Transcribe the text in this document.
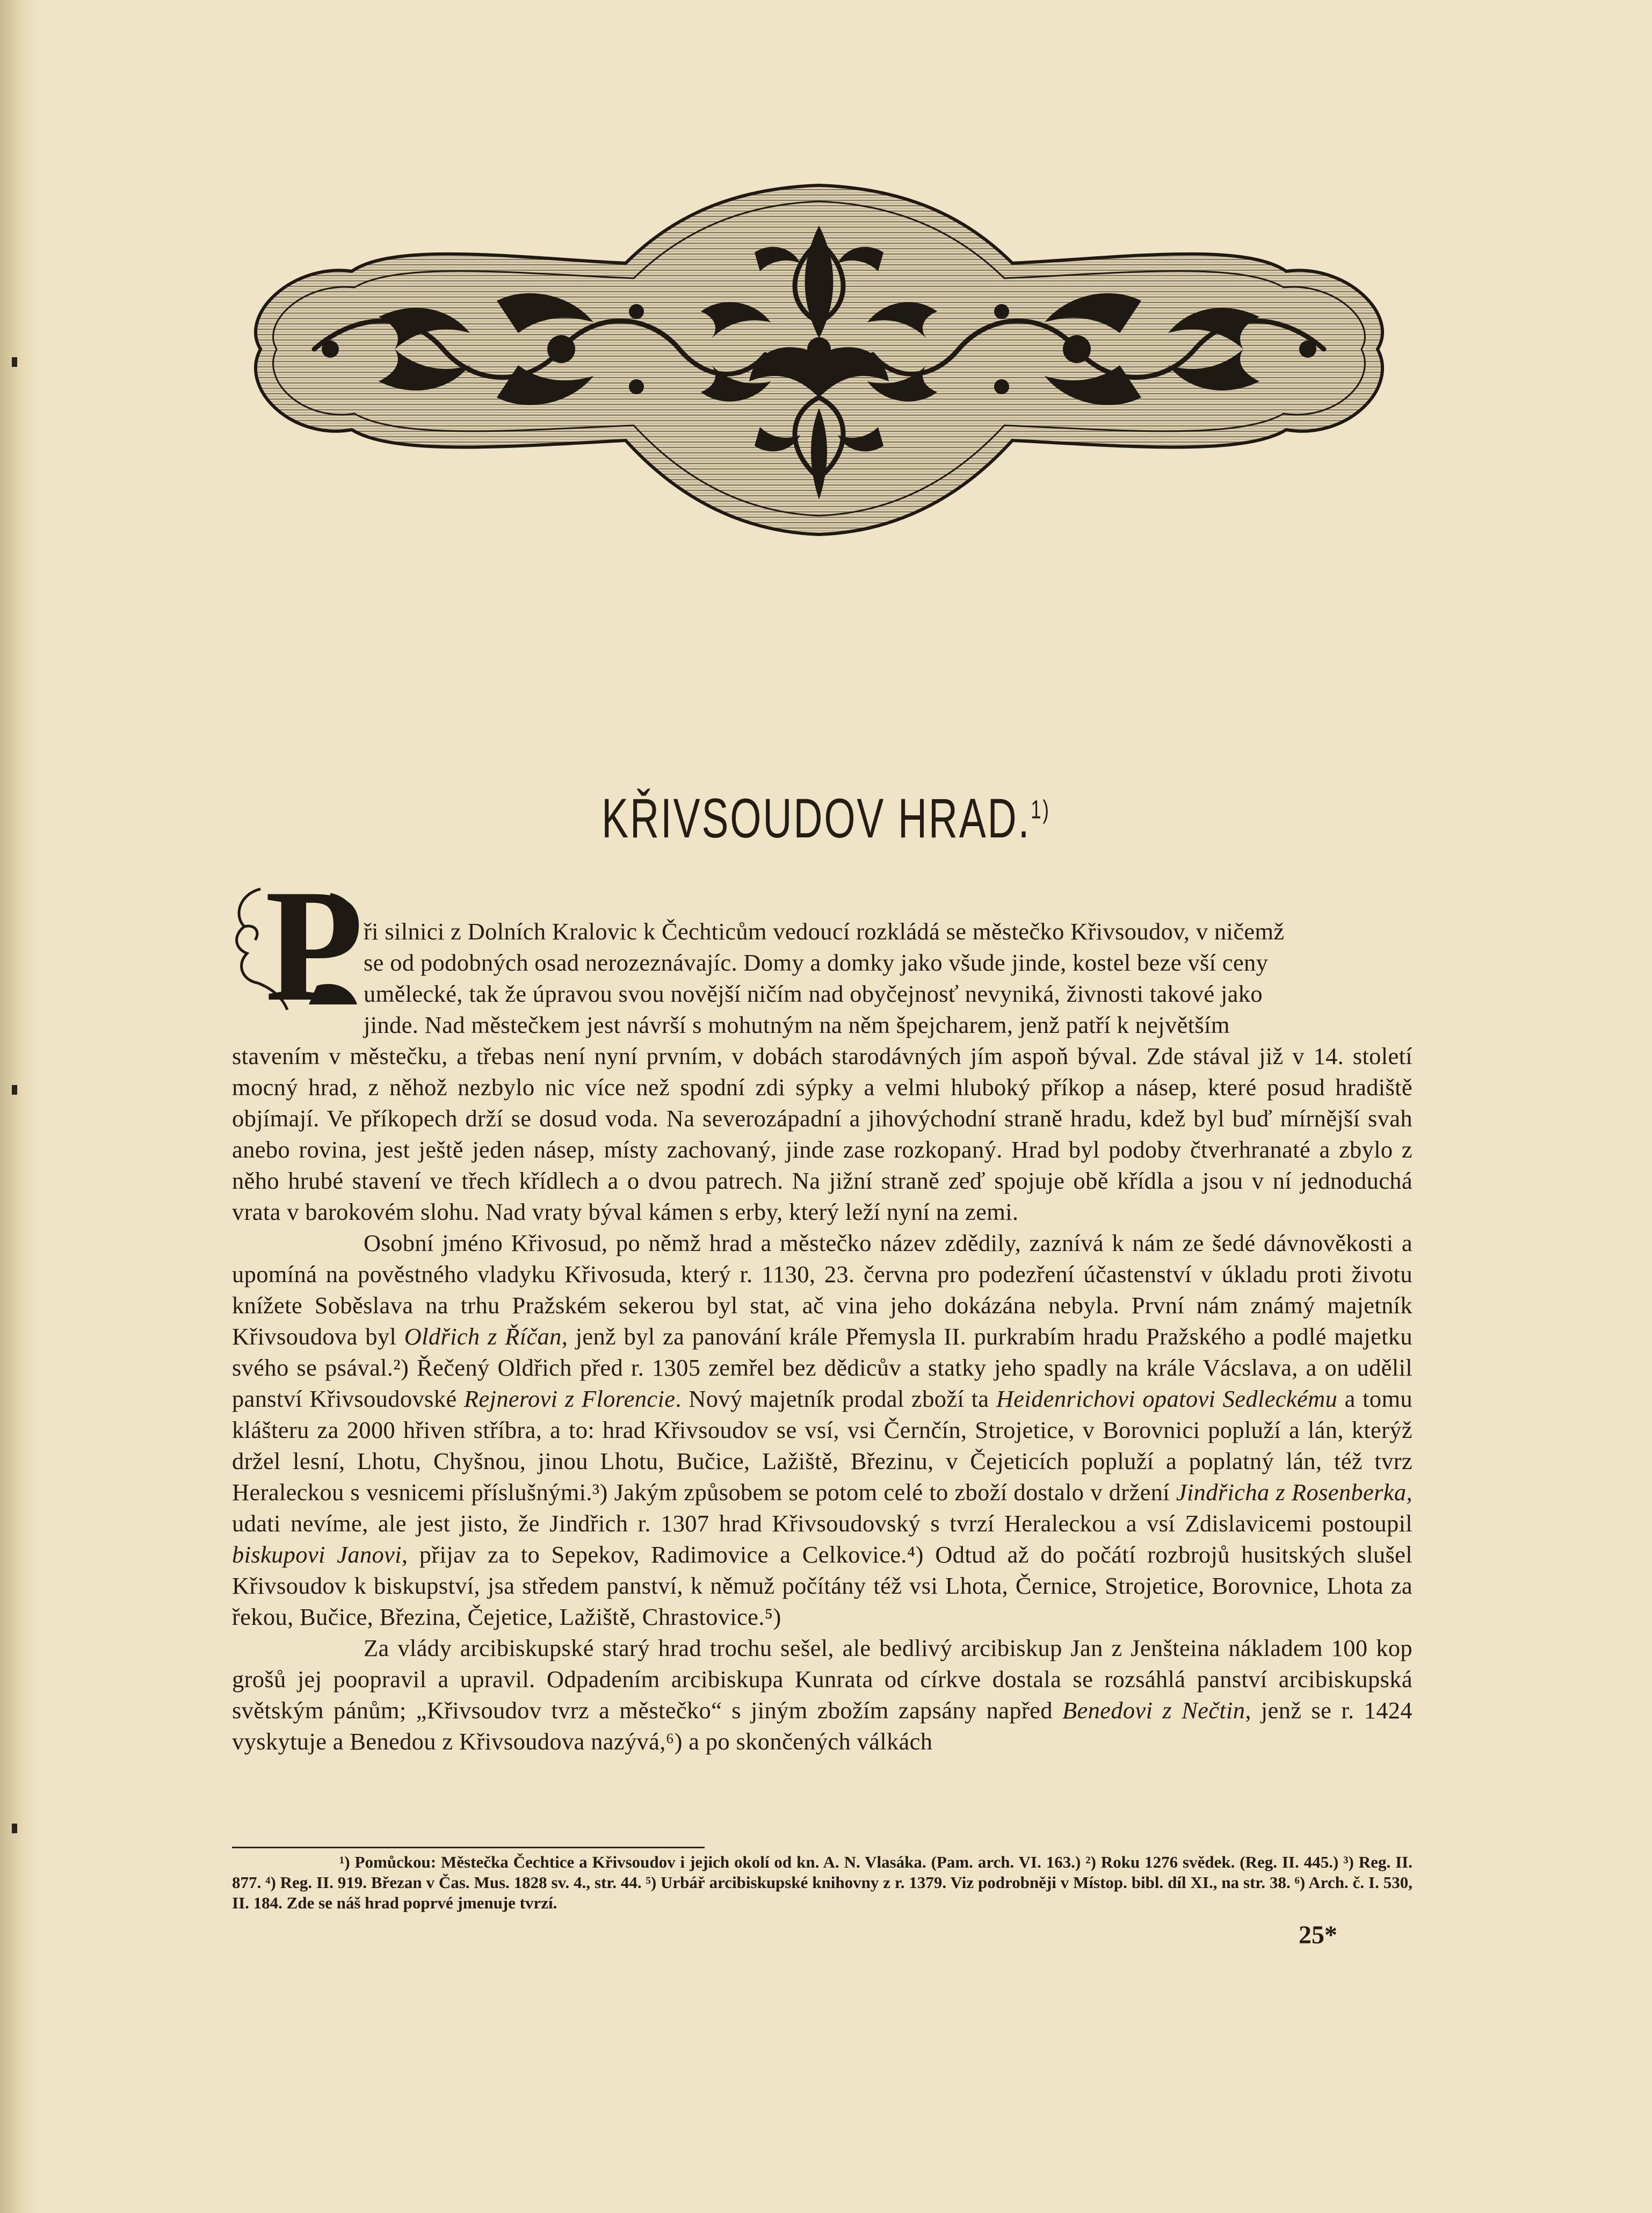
KŘIVSOUDOV HRAD.$^{1)}$
P ři silnici z Dolních Kralovic k Čechticům vedoucí rozkládá se městečko Křivsoudov, v ničemž
se od podobných osad nerozeznávajíc. Domy a domky jako všude jinde, kostel beze vší ceny
umělecké, tak že úpravou svou novější ničím nad obyčejnosť nevyniká, živnosti takové jako
jinde. Nad městečkem jest návrší s mohutným na něm špejcharem, jenž patří k největším

stavením v městečku, a třebas není nyní prvním, v dobách starodávných jím aspoň býval. Zde stával již v 14. století mocný hrad, z něhož nezbylo nic více než spodní zdi sýpky a velmi hluboký příkop a násep, které posud hradiště objímají. Ve příkopech drží se dosud voda. Na severozápadní a jihovýchodní straně hradu, kdež byl buď mírnější svah anebo rovina, jest ještě jeden násep, místy zachovaný, jinde zase rozkopaný. Hrad byl podoby čtverhranaté a zbylo z něho hrubé stavení ve třech křídlech a o dvou patrech. Na jižní straně zeď spojuje obě křídla a jsou v ní jednoduchá vrata v barokovém slohu. Nad vraty býval kámen s erby, který leží nyní na zemi.

Osobní jméno Křivosud, po němž hrad a městečko název zdědily, zaznívá k nám ze šedé dávnověkosti a upomíná na pověstného vladyku Křivosuda, který r. 1130, 23. června pro podezření účastenství v úkladu proti životu knížete Soběslava na trhu Pražském sekerou byl stat, ač vina jeho dokázána nebyla. První nám známý majetník Křivsoudova byl Oldřich z Říčan, jenž byl za panování krále Přemysla II. purkrabím hradu Pražského a podlé majetku svého se psával.²) Řečený Oldřich před r. 1305 zemřel bez dědicův a statky jeho spadly na krále Vácslava, a on udělil panství Křivsoudovské Rejnerovi z Florencie. Nový majetník prodal zboží ta Heidenrichovi opatovi Sedleckému a tomu klášteru za 2000 hřiven stříbra, a to: hrad Křivsoudov se vsí, vsi Černčín, Strojetice, v Borovnici popluží a lán, kterýž držel lesní, Lhotu, Chyšnou, jinou Lhotu, Bučice, Lažiště, Březinu, v Čejeticích popluží a poplatný lán, též tvrz Heraleckou s vesnicemi příslušnými.³) Jakým způsobem se potom celé to zboží dostalo v držení Jindřicha z Rosenberka, udati nevíme, ale jest jisto, že Jindřich r. 1307 hrad Křivsoudovský s tvrzí Heraleckou a vsí Zdislavicemi postoupil biskupovi Janovi, přijav za to Sepekov, Radimovice a Celkovice.⁴) Odtud až do počátí rozbrojů husitských slušel Křivsoudov k biskupství, jsa středem panství, k němuž počítány též vsi Lhota, Černice, Strojetice, Borovnice, Lhota za řekou, Bučice, Březina, Čejetice, Lažiště, Chrastovice.⁵)

Za vlády arcibiskupské starý hrad trochu sešel, ale bedlivý arcibiskup Jan z Jenšteina nákladem 100 kop grošů jej poopravil a upravil. Odpadením arcibiskupa Kunrata od církve dostala se rozsáhlá panství arcibiskupská světským pánům; „Křivsoudov tvrz a městečko“ s jiným zbožím zapsány napřed Benedovi z Nečtin, jenž se r. 1424 vyskytuje a Benedou z Křivsoudova nazývá,⁶) a po skončených válkách

¹) Pomůckou: Městečka Čechtice a Křivsoudov i jejich okolí od kn. A. N. Vlasáka. (Pam. arch. VI. 163.) ²) Roku 1276 svědek. (Reg. II. 445.) ³) Reg. II. 877. ⁴) Reg. II. 919. Březan v Čas. Mus. 1828 sv. 4., str. 44. ⁵) Urbář arcibiskupské knihovny z r. 1379. Viz podrobněji v Místop. bibl. díl XI., na str. 38. ⁶) Arch. č. I. 530, II. 184. Zde se náš hrad poprvé jmenuje tvrzí.

25*
